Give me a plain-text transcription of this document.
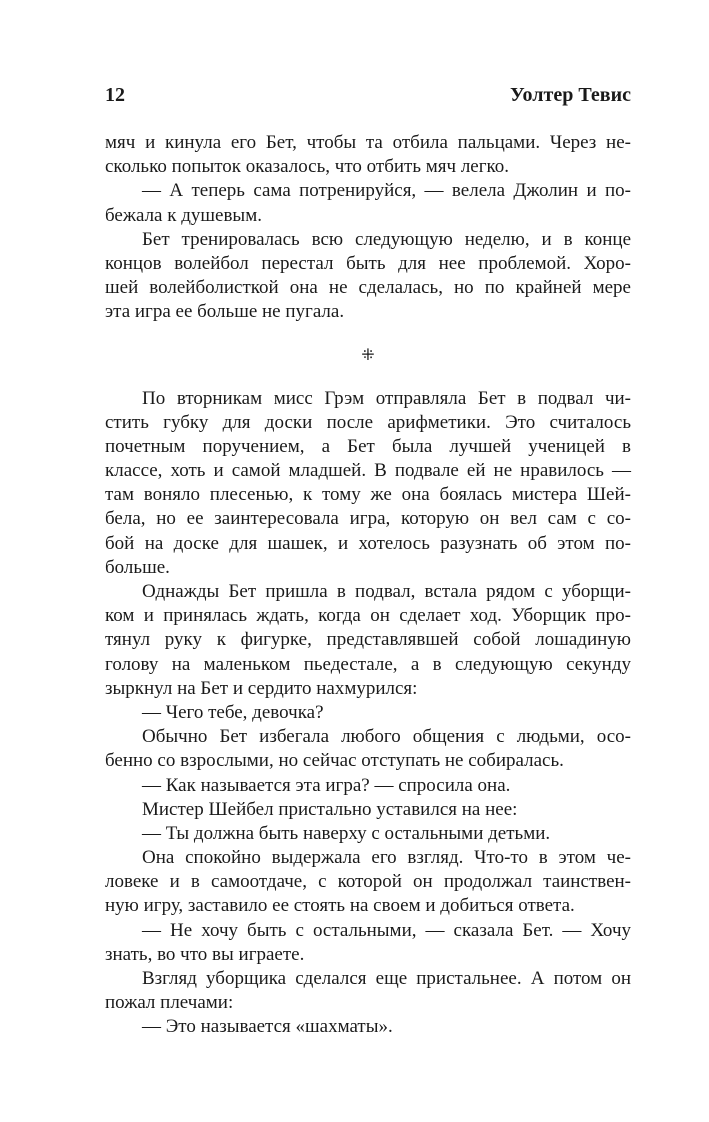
12	Уолтер Тевис
мяч и кинула его Бет, чтобы та отбила пальцами. Через не-
сколько попыток оказалось, что отбить мяч легко.
— А теперь сама потренируйся, — велела Джолин и по-
бежала к душевым.
Бет тренировалась всю следующую неделю, и в конце
концов волейбол перестал быть для нее проблемой. Хоро-
шей волейболисткой она не сделалась, но по крайней мере
эта игра ее больше не пугала.
⁜
По вторникам мисс Грэм отправляла Бет в подвал чи-
стить губку для доски после арифметики. Это считалось
почетным поручением, а Бет была лучшей ученицей в
классе, хоть и самой младшей. В подвале ей не нравилось —
там воняло плесенью, к тому же она боялась мистера Шей-
бела, но ее заинтересовала игра, которую он вел сам с со-
бой на доске для шашек, и хотелось разузнать об этом по-
больше.
Однажды Бет пришла в подвал, встала рядом с уборщи-
ком и принялась ждать, когда он сделает ход. Уборщик про-
тянул руку к фигурке, представлявшей собой лошадиную
голову на маленьком пьедестале, а в следующую секунду
зыркнул на Бет и сердито нахмурился:
— Чего тебе, девочка?
Обычно Бет избегала любого общения с людьми, осо-
бенно со взрослыми, но сейчас отступать не собиралась.
— Как называется эта игра? — спросила она.
Мистер Шейбел пристально уставился на нее:
— Ты должна быть наверху с остальными детьми.
Она спокойно выдержала его взгляд. Что-то в этом че-
ловеке и в самоотдаче, с которой он продолжал таинствен-
ную игру, заставило ее стоять на своем и добиться ответа.
— Не хочу быть с остальными, — сказала Бет. — Хочу
знать, во что вы играете.
Взгляд уборщика сделался еще пристальнее. А потом он
пожал плечами:
— Это называется «шахматы».
